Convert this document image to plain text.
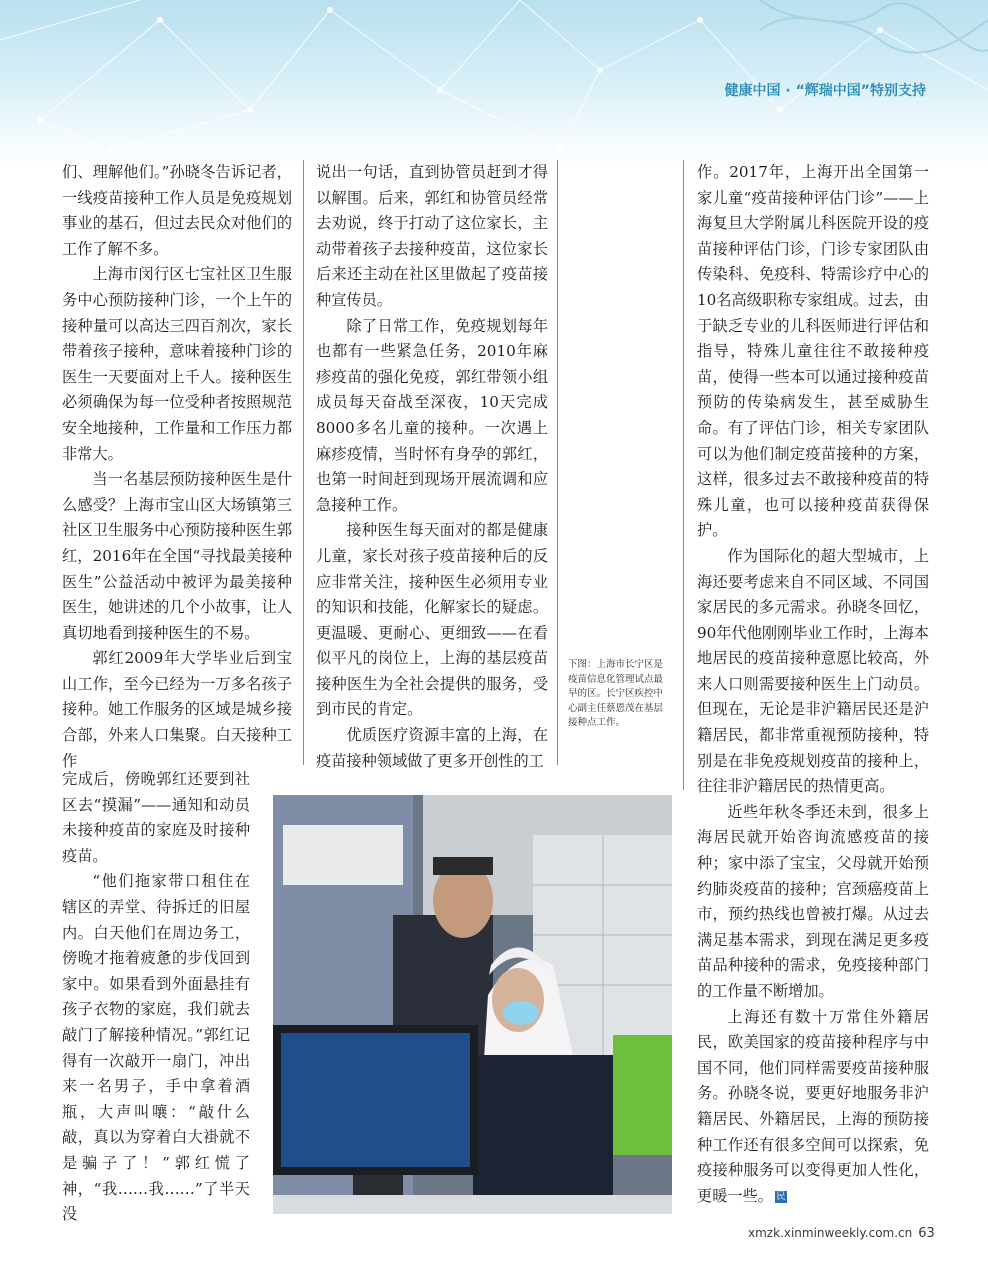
健康中国 · “辉瑞中国”特别支持

们、理解他们。”孙晓冬告诉记者，一线疫苗接种工作人员是免疫规划事业的基石，但过去民众对他们的工作了解不多。

上海市闵行区七宝社区卫生服务中心预防接种门诊，一个上午的接种量可以高达三四百剂次，家长带着孩子接种，意味着接种门诊的医生一天要面对上千人。接种医生必须确保为每一位受种者按照规范安全地接种，工作量和工作压力都非常大。

当一名基层预防接种医生是什么感受？上海市宝山区大场镇第三社区卫生服务中心预防接种医生郭红，2016年在全国“寻找最美接种医生”公益活动中被评为最美接种医生，她讲述的几个小故事，让人真切地看到接种医生的不易。

郭红2009年大学毕业后到宝山工作，至今已经为一万多名孩子接种。她工作服务的区域是城乡接合部，外来人口集聚。白天接种工作

完成后，傍晚郭红还要到社区去“摸漏”——通知和动员未接种疫苗的家庭及时接种疫苗。

“他们拖家带口租住在辖区的弄堂、待拆迁的旧屋内。白天他们在周边务工，傍晚才拖着疲惫的步伐回到家中。如果看到外面悬挂有孩子衣物的家庭，我们就去敲门了解接种情况。”郭红记得有一次敲开一扇门，冲出来一名男子，手中拿着酒瓶，大声叫嚷：“敲什么敲，真以为穿着白大褂就不是骗子了！”郭红慌了神，“我……我……”了半天没

说出一句话，直到协管员赶到才得以解围。后来，郭红和协管员经常去劝说，终于打动了这位家长，主动带着孩子去接种疫苗，这位家长后来还主动在社区里做起了疫苗接种宣传员。

除了日常工作，免疫规划每年也都有一些紧急任务，2010年麻疹疫苗的强化免疫，郭红带领小组成员每天奋战至深夜，10天完成8000多名儿童的接种。一次遇上麻疹疫情，当时怀有身孕的郭红，也第一时间赶到现场开展流调和应急接种工作。

接种医生每天面对的都是健康儿童，家长对孩子疫苗接种后的反应非常关注，接种医生必须用专业的知识和技能，化解家长的疑虑。更温暖、更耐心、更细致——在看似平凡的岗位上，上海的基层疫苗接种医生为全社会提供的服务，受到市民的肯定。

优质医疗资源丰富的上海，在疫苗接种领域做了更多开创性的工

下图：上海市长宁区是疫苗信息化管理试点最早的区。长宁区疾控中心副主任蔡恩茂在基层接种点工作。

作。2017年，上海开出全国第一家儿童“疫苗接种评估门诊”——上海复旦大学附属儿科医院开设的疫苗接种评估门诊，门诊专家团队由传染科、免疫科、特需诊疗中心的10名高级职称专家组成。过去，由于缺乏专业的儿科医师进行评估和指导，特殊儿童往往不敢接种疫苗，使得一些本可以通过接种疫苗预防的传染病发生，甚至威胁生命。有了评估门诊，相关专家团队可以为他们制定疫苗接种的方案，这样，很多过去不敢接种疫苗的特殊儿童，也可以接种疫苗获得保护。

作为国际化的超大型城市，上海还要考虑来自不同区域、不同国家居民的多元需求。孙晓冬回忆，90年代他刚刚毕业工作时，上海本地居民的疫苗接种意愿比较高，外来人口则需要接种医生上门动员。但现在，无论是非沪籍居民还是沪籍居民，都非常重视预防接种，特别是在非免疫规划疫苗的接种上，往往非沪籍居民的热情更高。

近些年秋冬季还未到，很多上海居民就开始咨询流感疫苗的接种；家中添了宝宝，父母就开始预约肺炎疫苗的接种；宫颈癌疫苗上市，预约热线也曾被打爆。从过去满足基本需求，到现在满足更多疫苗品种接种的需求，免疫接种部门的工作量不断增加。

上海还有数十万常住外籍居民，欧美国家的疫苗接种程序与中国不同，他们同样需要疫苗接种服务。孙晓冬说，要更好地服务非沪籍居民、外籍居民，上海的预防接种工作还有很多空间可以探索，免疫接种服务可以变得更加人性化，更暖一些。 民

xmzk.xinminweekly.com.cn 63
